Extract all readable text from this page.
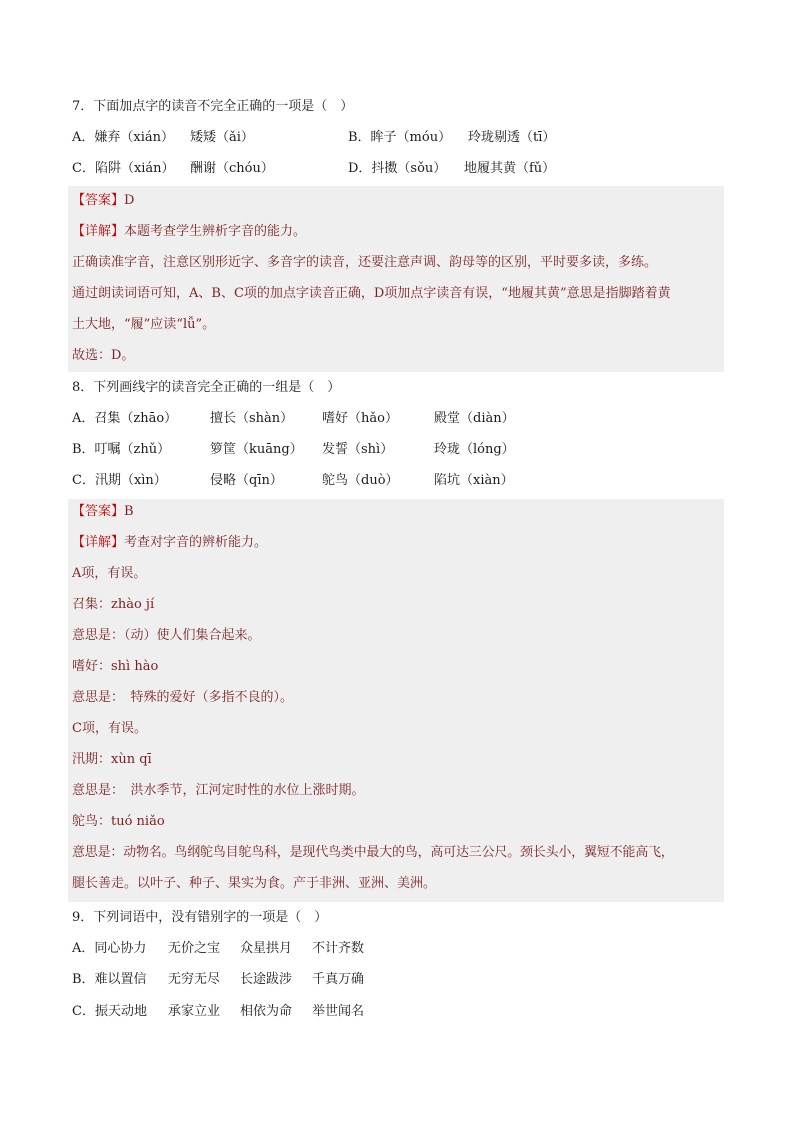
7．下面加点字的读音不完全正确的一项是（　）
A．嫌弃（xián） 矮矮（ǎi）	B．眸子（móu） 玲珑剔透（tī）
C．陷阱（xián） 酬谢（chóu）	D．抖擞（sǒu） 地履其黄（fǔ）
【答案】D
【详解】本题考查学生辨析字音的能力。
正确读准字音，注意区别形近字、多音字的读音，还要注意声调、韵母等的区别，平时要多读，多练。
通过朗读词语可知，A、B、C项的加点字读音正确，D项加点字读音有误，“地履其黄”意思是指脚踏着黄
土大地，“履”应读“lǚ”。
故选：D。
8．下列画线字的读音完全正确的一组是（　）
A．召集（zhāo）	擅长（shàn） 嗜好（hǎo）	殿堂（diàn）
B．叮嘱（zhǔ）	箩筐（kuāng） 发誓（shì）	玲珑（lóng）
C．汛期（xìn）	侵略（qīn）	鸵鸟（duò）	陷坑（xiàn）
【答案】B
【详解】考查对字音的辨析能力。
A项，有误。
召集：zhào jí
意思是：（动）使人们集合起来。
嗜好：shì hào
意思是：　特殊的爱好（多指不良的）。
C项，有误。
汛期：xùn qī
意思是：　洪水季节，江河定时性的水位上涨时期。
鸵鸟：tuó niǎo
意思是：动物名。鸟纲鸵鸟目鸵鸟科，是现代鸟类中最大的鸟，高可达三公尺。颈长头小，翼短不能高飞，
腿长善走。以叶子、种子、果实为食。产于非洲、亚洲、美洲。
9．下列词语中，没有错别字的一项是（　）
A．同心协力 无价之宝 众星拱月 不计齐数
B．难以置信 无穷无尽 长途跋涉 千真万确
C．振天动地 承家立业 相依为命 举世闻名
